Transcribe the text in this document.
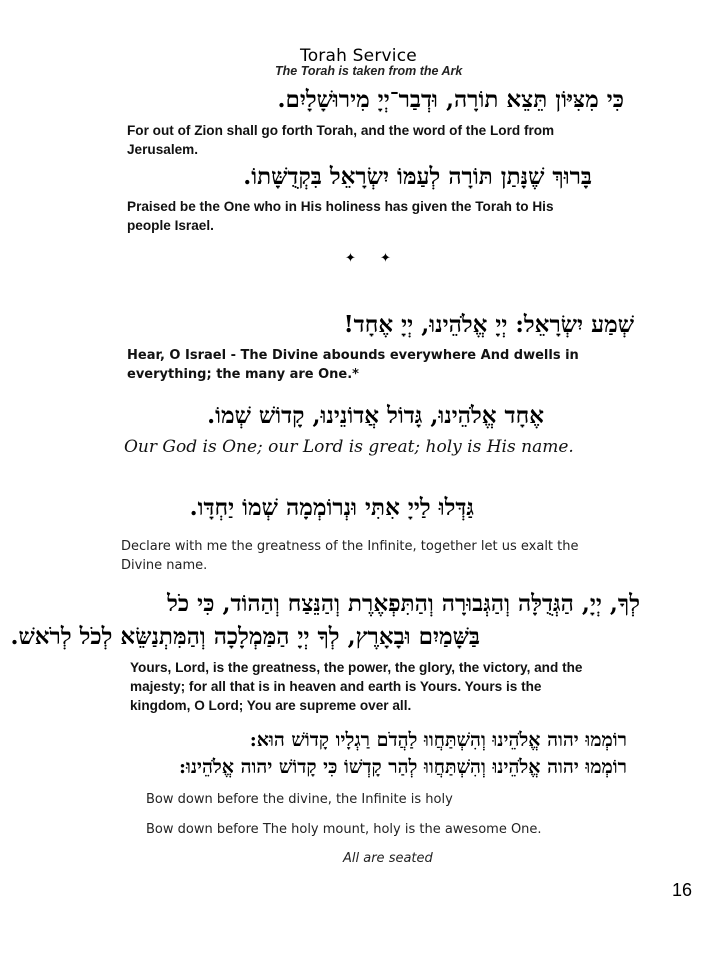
Torah Service
The Torah is taken from the Ark
כִּי מִצִּיּוֹן תֵּצֵא תוֹרָה, וּדְבַר־יְיָ מִירוּשָׁלָיִם.
For out of Zion shall go forth Torah, and the word of the Lord from Jerusalem.
בָּרוּךְ שֶׁנָּתַן תּוֹרָה לְעַמּוֹ יִשְׂרָאֵל בִּקְדֻשָּׁתוֹ.
Praised be the One who in His holiness has given the Torah to His people Israel.
✦ ✦
שְׁמַע יִשְׂרָאֵל: יְיָ אֱלֹהֵינוּ, יְיָ אֶחָד!
Hear, O Israel - The Divine abounds everywhere And dwells in everything; the many are One.*
אֶחָד אֱלֹהֵינוּ, גָּדוֹל אֲדוֹנֵינוּ, קָדוֹשׁ שְׁמוֹ.
Our God is One; our Lord is great; holy is His name.
גַּדְּלוּ לַייָ אִתִּי וּנְרוֹמְמָה שְׁמוֹ יַחְדָּו.
Declare with me the greatness of the Infinite, together let us exalt the Divine name.
לְךָ, יְיָ, הַגְּדֻלָּה וְהַגְּבוּרָה וְהַתִּפְאֶרֶת וְהַנֵּצַח וְהַהוֹד, כִּי כֹל
בַּשָּׁמַיִם וּבָאָרֶץ, לְךָ יְיָ הַמַּמְלָכָה וְהַמִּתְנַשֵּׂא לְכֹל לְרֹאשׁ.
Yours, Lord, is the greatness, the power, the glory, the victory, and the majesty; for all that is in heaven and earth is Yours. Yours is the kingdom, O Lord; You are supreme over all.
רוֹמְמוּ יהוה אֱלֹהֵינוּ וְהִשְׁתַּחֲווּ לַהֲדֹם רַגְלָיו קָדוֹשׁ הוּא:
רוֹמְמוּ יהוה אֱלֹהֵינוּ וְהִשְׁתַּחֲווּ לְהַר קָדְשׁוֹ כִּי קָדוֹשׁ יהוה אֱלֹהֵינוּ:
Bow down before the divine, the Infinite is holy
Bow down before The holy mount, holy is the awesome One.
All are seated
16
